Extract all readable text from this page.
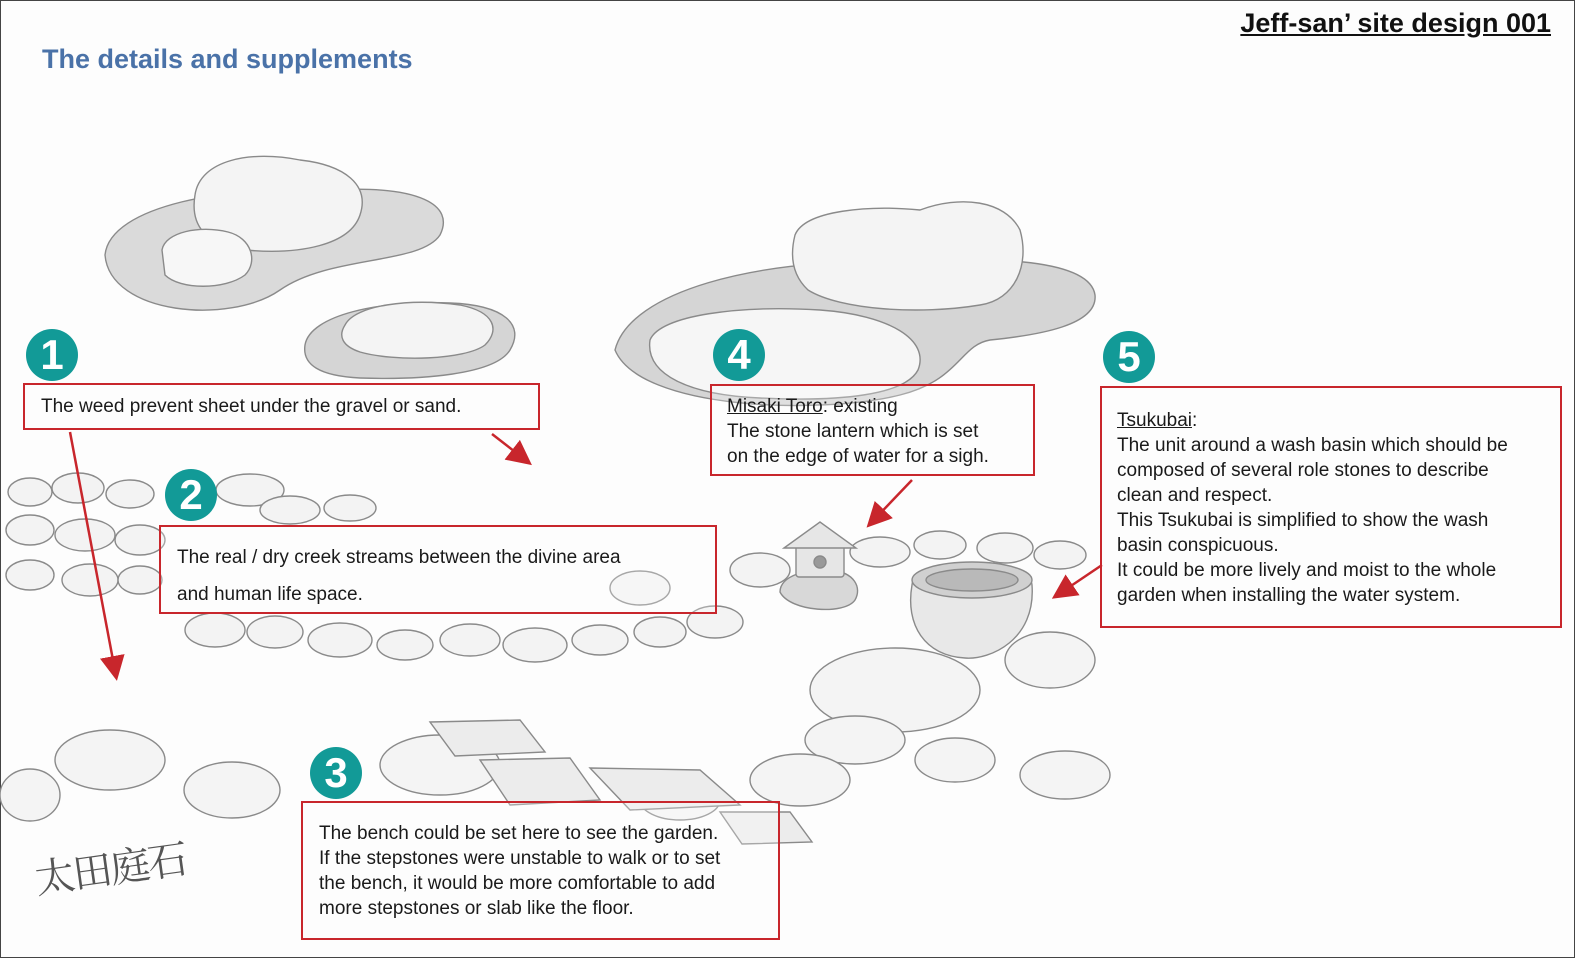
The details and supplements
Jeff-san’ site design 001
1
2
3
4	5
The weed prevent sheet under the gravel or sand.
The real / dry creek streams between the divine area
and human life space.
The bench could be set here to see the garden.
If the stepstones were unstable to walk or to set
the bench, it would be more comfortable to add
more stepstones or slab like the floor.
Misaki Toro: existing
The stone lantern which is set
on the edge of water for a sigh.
Tsukubai:
The unit around a wash basin which should be
composed of several role stones to describe
clean and respect.
This Tsukubai is simplified to show the wash
basin conspicuous.
It could be more lively and moist to the whole
garden when installing the water system.
太田庭石
